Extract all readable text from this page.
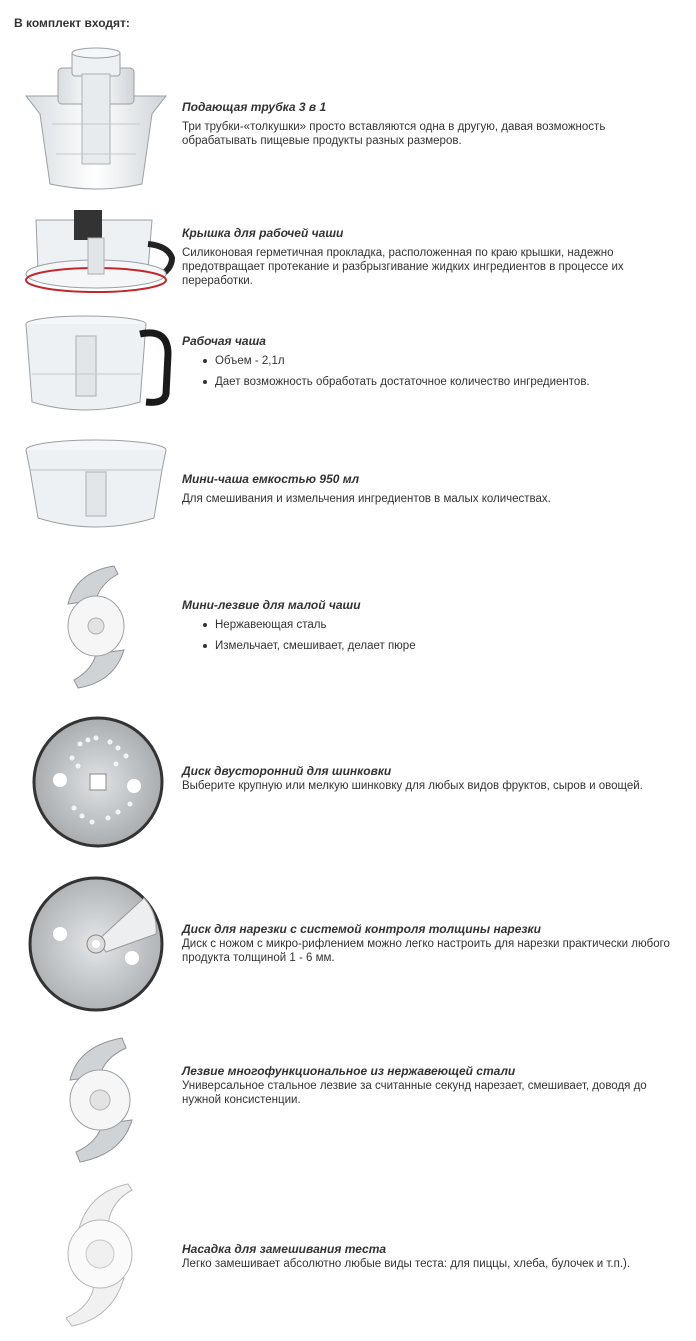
В комплект входят:
Подающая трубка 3 в 1
Три трубки-«толкушки» просто вставляются одна в другую, давая возможность обрабатывать пищевые продукты разных размеров.
Крышка для рабочей чаши
Силиконовая герметичная прокладка, расположенная по краю крышки, надежно предотвращает протекание и разбрызгивание жидких ингредиентов в процессе их переработки.
Рабочая чаша
Объем - 2,1л
Дает возможность обработать достаточное количество ингредиентов.
Мини-чаша емкостью 950 мл
Для смешивания и измельчения ингредиентов в малых количествах.
Мини-лезвие для малой чаши
Нержавеющая сталь
Измельчает, смешивает, делает пюре
Диск двусторонний для шинковки
Выберите крупную или мелкую шинковку для любых видов фруктов, сыров и овощей.
Диск для нарезки с системой контроля толщины нарезки
Диск с ножом с микро-рифлением можно легко настроить для нарезки практически любого продукта толщиной 1 - 6 мм.
Лезвие многофункциональное из нержавеющей стали
Универсальное стальное лезвие за считанные секунд нарезает, смешивает, доводя до нужной консистенции.
Насадка для замешивания теста
Легко замешивает абсолютно любые виды теста: для пиццы, хлеба, булочек и т.п.).
